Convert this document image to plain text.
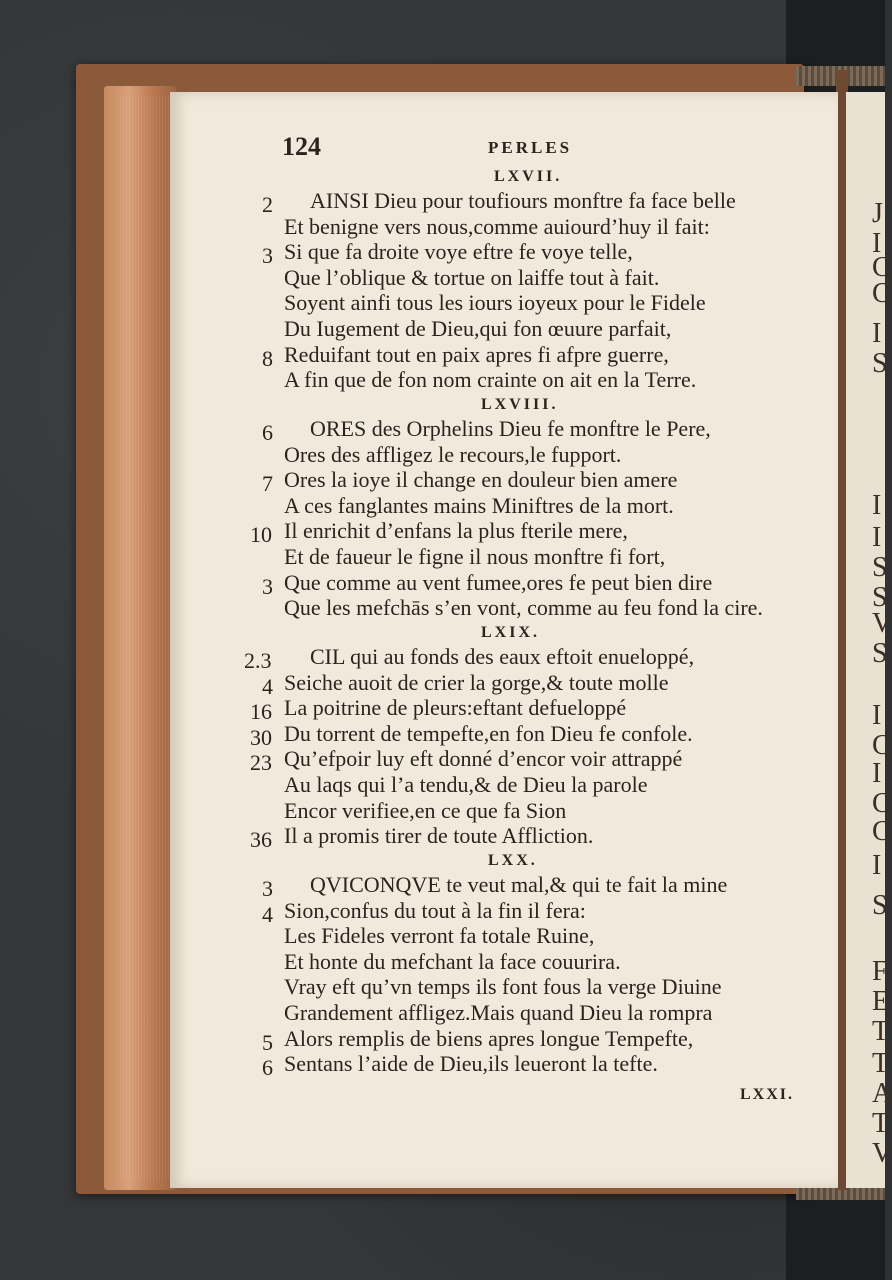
J
I
C
C
I
S
I
I
S
S
V
S
I
C
I
C
C
I
S
F
E
T
T
A
T
V
124	PERLES
LXVII.
AINSI Dieu pour toufiours monftre fa face belle
2
Et benigne vers nous,comme auiourd’huy il fait:
Si que fa droite voye eftre fe voye telle,
3
Que l’oblique & tortue on laiffe tout à fait.
Soyent ainfi tous les iours ioyeux pour le Fidele
Du Iugement de Dieu,qui fon œuure parfait,
Reduifant tout en paix apres fi afpre guerre,
8
A fin que de fon nom crainte on ait en la Terre.
LXVIII.
ORES des Orphelins Dieu fe monftre le Pere,
6
Ores des affligez le recours,le fupport.
Ores la ioye il change en douleur bien amere
7
A ces fanglantes mains Miniftres de la mort.
Il enrichit d’enfans la plus fterile mere,
10
Et de faueur le figne il nous monftre fi fort,
Que comme au vent fumee,ores fe peut bien dire
3
Que les mefchās s’en vont, comme au feu fond la cire.
LXIX.
CIL qui au fonds des eaux eftoit enueloppé,
2.3
Seiche auoit de crier la gorge,& toute molle
4
La poitrine de pleurs:eftant defueloppé
16
Du torrent de tempefte,en fon Dieu fe confole.
30
Qu’efpoir luy eft donné d’encor voir attrappé
23
Au laqs qui l’a tendu,& de Dieu la parole
Encor verifiee,en ce que fa Sion
Il a promis tirer de toute Affliction.
36
LXX.
QVICONQVE te veut mal,& qui te fait la mine
3
Sion,confus du tout à la fin il fera:
4
Les Fideles verront fa totale Ruine,
Et honte du mefchant la face couurira.
Vray eft qu’vn temps ils font fous la verge Diuine
Grandement affligez.Mais quand Dieu la rompra
Alors remplis de biens apres longue Tempefte,
5
Sentans l’aide de Dieu,ils leueront la tefte.
6
LXXI.
